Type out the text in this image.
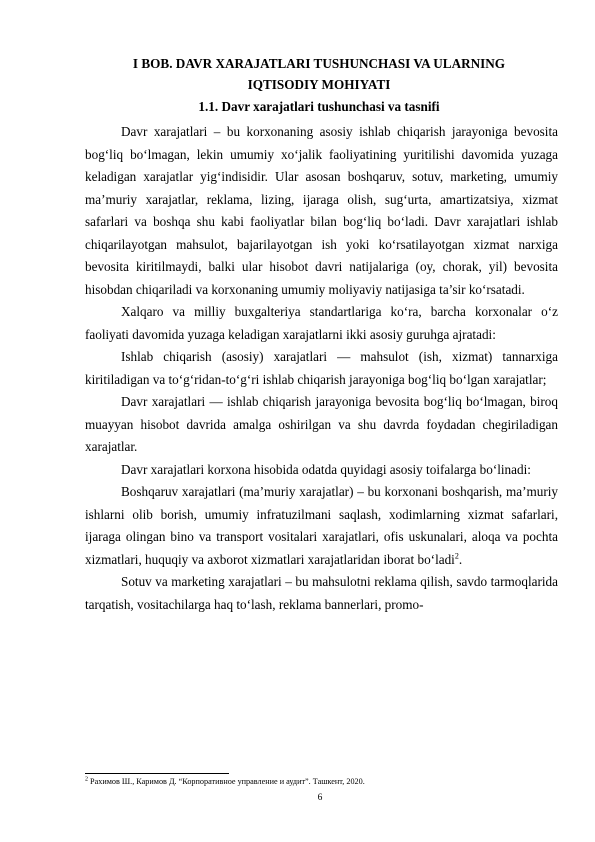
I BOB. DAVR XARAJATLARI TUSHUNCHASI VA ULARNING

IQTISODIY MOHIYATI

1.1. Davr xarajatlari tushunchasi va tasnifi

Davr xarajatlari – bu korxonaning asosiy ishlab chiqarish jarayoniga bevosita bog‘liq bo‘lmagan, lekin umumiy xo‘jalik faoliyatining yuritilishi davomida yuzaga keladigan xarajatlar yig‘indisidir. Ular asosan boshqaruv, sotuv, marketing, umumiy ma’muriy xarajatlar, reklama, lizing, ijaraga olish, sug‘urta, amartizatsiya, xizmat safarlari va boshqa shu kabi faoliyatlar bilan bog‘liq bo‘ladi. Davr xarajatlari ishlab chiqarilayotgan mahsulot, bajarilayotgan ish yoki ko‘rsatilayotgan xizmat narxiga bevosita kiritilmaydi, balki ular hisobot davri natijalariga (oy, chorak, yil) bevosita hisobdan chiqariladi va korxonaning umumiy moliyaviy natijasiga ta’sir ko‘rsatadi.

Xalqaro va milliy buxgalteriya standartlariga ko‘ra, barcha korxonalar o‘z faoliyati davomida yuzaga keladigan xarajatlarni ikki asosiy guruhga ajratadi:

Ishlab chiqarish (asosiy) xarajatlari — mahsulot (ish, xizmat) tannarxiga kiritiladigan va to‘g‘ridan-to‘g‘ri ishlab chiqarish jarayoniga bog‘liq bo‘lgan xarajatlar;

Davr xarajatlari — ishlab chiqarish jarayoniga bevosita bog‘liq bo‘lmagan, biroq muayyan hisobot davrida amalga oshirilgan va shu davrda foydadan chegiriladigan xarajatlar.

Davr xarajatlari korxona hisobida odatda quyidagi asosiy toifalarga bo‘linadi:

Boshqaruv xarajatlari (ma’muriy xarajatlar) – bu korxonani boshqarish, ma’muriy ishlarni olib borish, umumiy infratuzilmani saqlash, xodimlarning xizmat safarlari, ijaraga olingan bino va transport vositalari xarajatlari, ofis uskunalari, aloqa va pochta xizmatlari, huquqiy va axborot xizmatlari xarajatlaridan iborat bo‘ladi$^2$.

Sotuv va marketing xarajatlari – bu mahsulotni reklama qilish, savdo tarmoqlarida tarqatish, vositachilarga haq to‘lash, reklama bannerlari, promo-

$^2$ Рахимов Ш., Каримов Д. “Корпоративное управление и аудит”. Ташкент, 2020.

6
